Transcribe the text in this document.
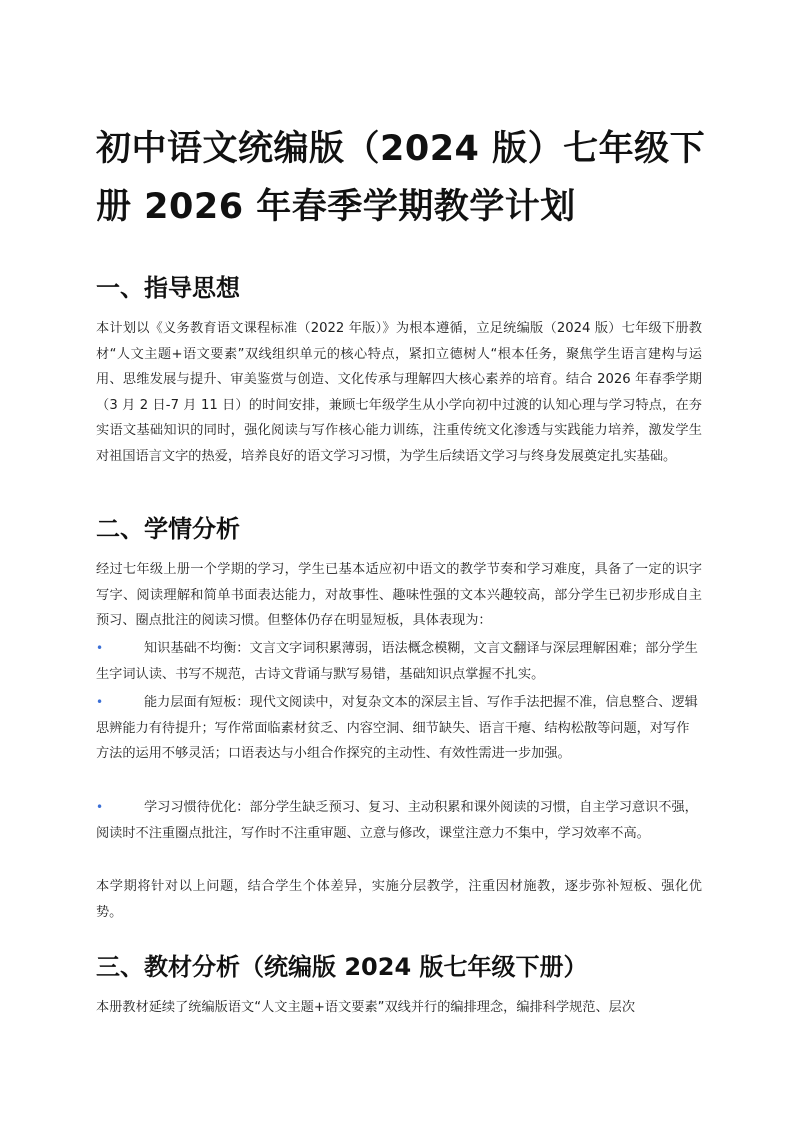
初中语文统编版（2024 版）七年级下册 2026 年春季学期教学计划
一、指导思想

本计划以《义务教育语文课程标准（2022 年版）》为根本遵循，立足统编版（2024 版）七年级下册教材“人文主题+语文要素”双线组织单元的核心特点，紧扣立德树人“根本任务，聚焦学生语言建构与运用、思维发展与提升、审美鉴赏与创造、文化传承与理解四大核心素养的培育。结合 2026 年春季学期（3 月 2 日-7 月 11 日）的时间安排，兼顾七年级学生从小学向初中过渡的认知心理与学习特点，在夯实语文基础知识的同时，强化阅读与写作核心能力训练，注重传统文化渗透与实践能力培养，激发学生对祖国语言文字的热爱，培养良好的语文学习习惯，为学生后续语文学习与终身发展奠定扎实基础。

二、学情分析

经过七年级上册一个学期的学习，学生已基本适应初中语文的教学节奏和学习难度，具备了一定的识字写字、阅读理解和简单书面表达能力，对故事性、趣味性强的文本兴趣较高，部分学生已初步形成自主预习、圈点批注的阅读习惯。但整体仍存在明显短板，具体表现为：

•	知识基础不均衡：文言文字词积累薄弱，语法概念模糊，文言文翻译与深层理解困难；部分学生生字词认读、书写不规范，古诗文背诵与默写易错，基础知识点掌握不扎实。
•	能力层面有短板：现代文阅读中，对复杂文本的深层主旨、写作手法把握不准，信息整合、逻辑思辨能力有待提升；写作常面临素材贫乏、内容空洞、细节缺失、语言干瘪、结构松散等问题，对写作方法的运用不够灵活；口语表达与小组合作探究的主动性、有效性需进一步加强。
•	学习习惯待优化：部分学生缺乏预习、复习、主动积累和课外阅读的习惯，自主学习意识不强，阅读时不注重圈点批注，写作时不注重审题、立意与修改，课堂注意力不集中，学习效率不高。

本学期将针对以上问题，结合学生个体差异，实施分层教学，注重因材施教，逐步弥补短板、强化优势。

三、教材分析（统编版 2024 版七年级下册）

本册教材延续了统编版语文“人文主题+语文要素”双线并行的编排理念，编排科学规范、层次
